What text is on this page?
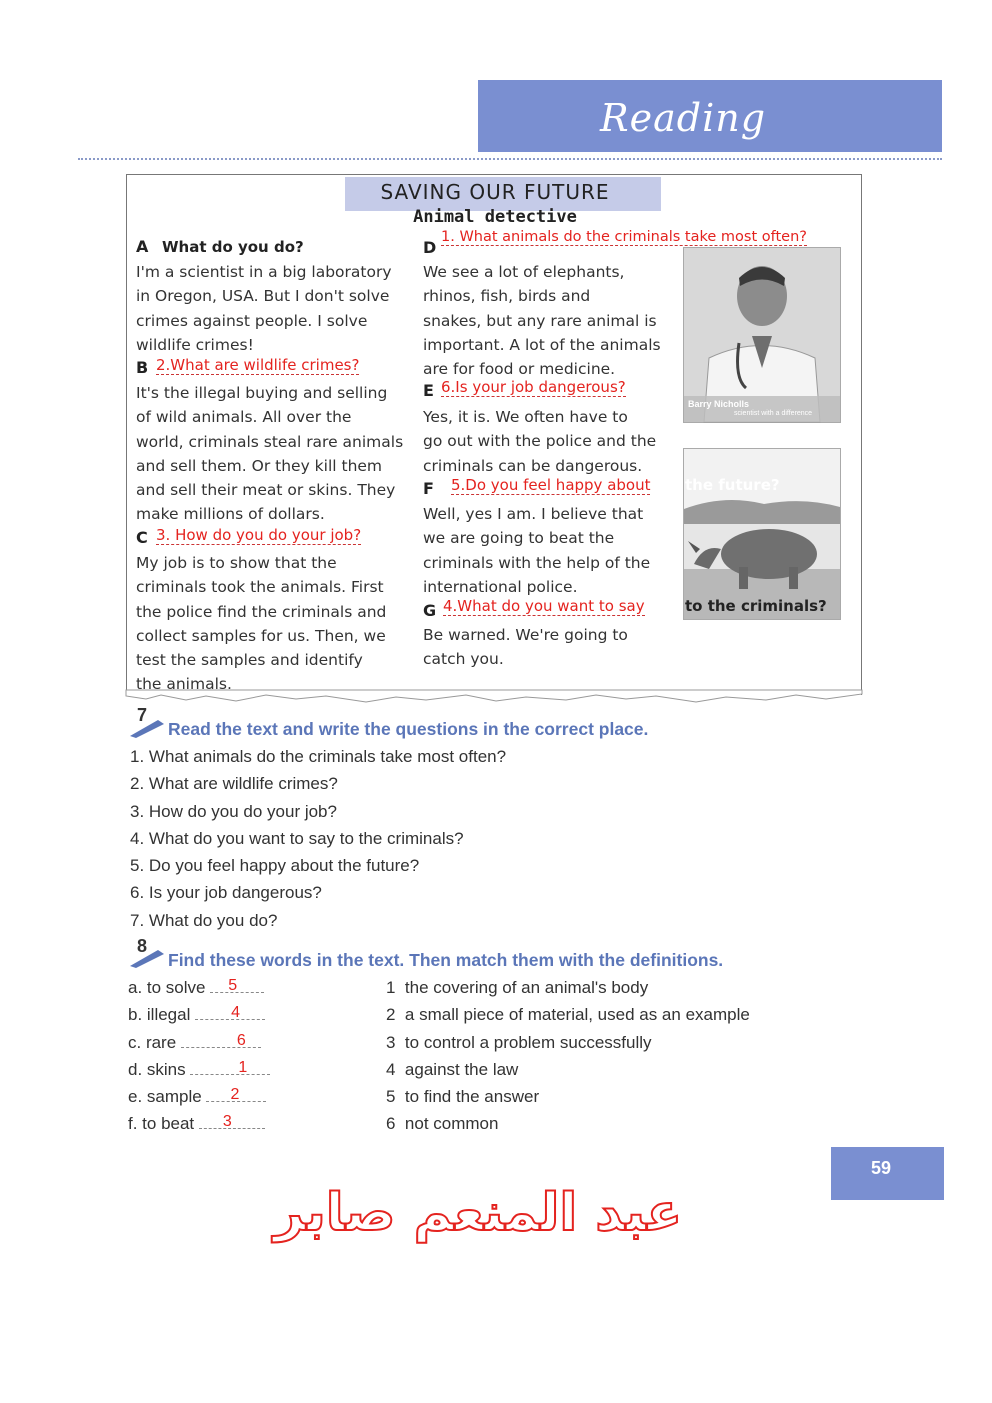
Reading
SAVING OUR FUTURE
Animal detective
A What do you do?
I'm a scientist in a big laboratory
in Oregon, USA. But I don't solve
crimes against people. I solve
wildlife crimes!
B 2.What are wildlife crimes?
It's the illegal buying and selling
of wild animals. All over the
world, criminals steal rare animals
and sell them. Or they kill them
and sell their meat or skins. They
make millions of dollars.
C 3. How do you do your job?
My job is to show that the
criminals took the animals. First
the police find the criminals and
collect samples for us. Then, we
test the samples and identify
the animals.
D
1. What animals do the criminals take most often?
We see a lot of elephants,
rhinos, fish, birds and
snakes, but any rare animal is
important. A lot of the animals
are for food or medicine.
E 6.Is your job dangerous?
Yes, it is. We often have to
go out with the police and the
criminals can be dangerous.
F 5.Do you feel happy about
Well, yes I am. I believe that
we are going to beat the
criminals with the help of the
international police.
G 4.What do you want to say
Be warned. We're going to
catch you.
Barry Nicholls
scientist with a difference
the future?
to the criminals?
7
Read the text and write the questions in the correct place.
1. What animals do the criminals take most often?
2. What are wildlife crimes?
3. How do you do your job?
4. What do you want to say to the criminals?
5. Do you feel happy about the future?
6. Is your job dangerous?
7. What do you do?
8
Find these words in the text. Then match them with the definitions.
a. to solve 5
b. illegal	4
c. rare	6
d. skins	1
e. sample 2
f. to beat 3
1 the covering of an animal's body
2 a small piece of material, used as an example
3 to control a problem successfully
4 against the law
5 to find the answer
6 not common
59
عبد المنعم صابر
